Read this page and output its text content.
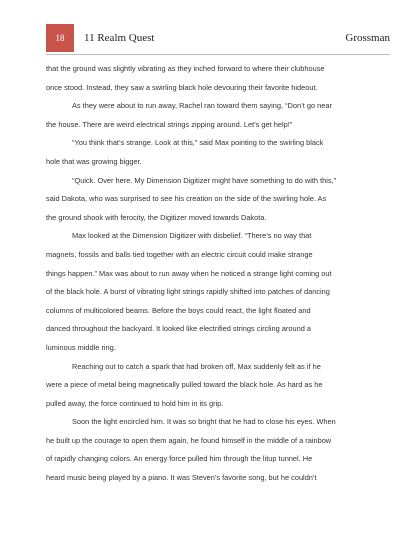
18	11 Realm Quest	Grossman
that the ground was slightly vibrating as they inched forward to where their clubhouse
once stood. Instead, they saw a swirling black hole devouring their favorite hideout.
As they were about to run away, Rachel ran toward them saying, “Don’t go near
the house. There are weird electrical strings zipping around. Let’s get help!”
“You think that’s strange. Look at this,” said Max pointing to the swirling black
hole that was growing bigger.
“Quick. Over here. My Dimension Digitizer might have something to do with this,”
said Dakota, who was surprised to see his creation on the side of the swirling hole. As
the ground shook with ferocity, the Digitizer moved towards Dakota.
Max looked at the Dimension Digitizer with disbelief. “There’s no way that
magnets, fossils and balls tied together with an electric circuit could make strange
things happen.” Max was about to run away when he noticed a strange light coming out
of the black hole. A burst of vibrating light strings rapidly shifted into patches of dancing
columns of multicolored beams. Before the boys could react, the light floated and
danced throughout the backyard. It looked like electrified strings circling around a
luminous middle ring.
Reaching out to catch a spark that had broken off, Max suddenly felt as if he
were a piece of metal being magnetically pulled toward the black hole. As hard as he
pulled away, the force continued to hold him in its grip.
Soon the light encircled him. It was so bright that he had to close his eyes. When
he built up the courage to open them again, he found himself in the middle of a rainbow
of rapidly changing colors. An energy force pulled him through the litup tunnel. He
heard music being played by a piano. It was Steven’s favorite song, but he couldn’t
